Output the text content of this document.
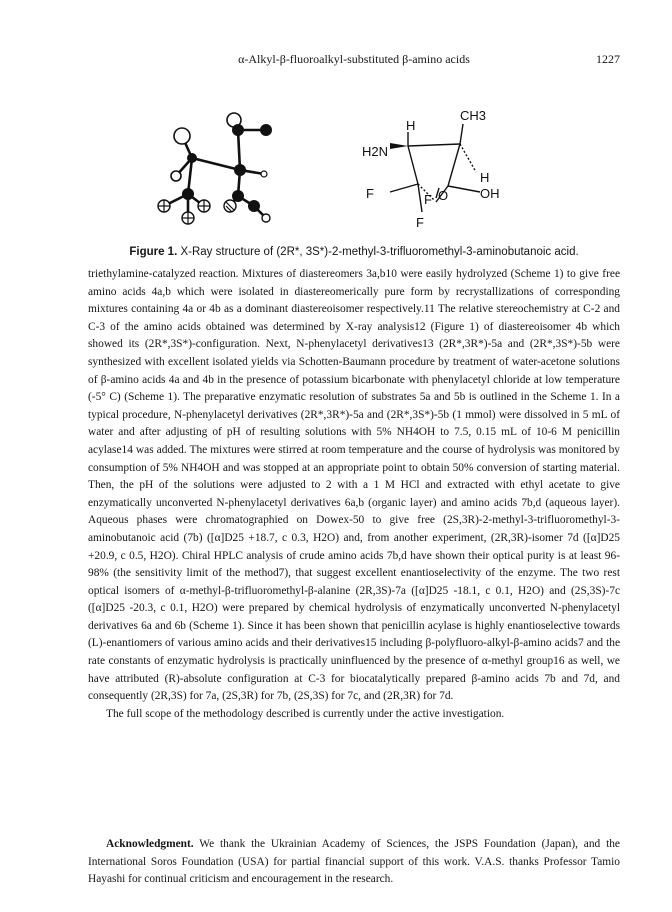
α-Alkyl-β-fluoroalkyl-substituted β-amino acids	1227
H
CH3
H2N
H
F	F
F
O OH
Figure 1. X-Ray structure of (2R*, 3S*)-2-methyl-3-trifluoromethyl-3-aminobutanoic acid.

triethylamine-catalyzed reaction. Mixtures of diastereomers 3a,b10 were easily hydrolyzed (Scheme 1) to give free amino acids 4a,b which were isolated in diastereomerically pure form by recrystallizations of corresponding mixtures containing 4a or 4b as a dominant diastereoisomer respectively.11 The relative stereochemistry at C-2 and C-3 of the amino acids obtained was determined by X-ray analysis12 (Figure 1) of diastereoisomer 4b which showed its (2R*,3S*)-configuration. Next, N-phenylacetyl derivatives13 (2R*,3R*)-5a and (2R*,3S*)-5b were synthesized with excellent isolated yields via Schotten-Baumann procedure by treatment of water-acetone solutions of β-amino acids 4a and 4b in the presence of potassium bicarbonate with phenylacetyl chloride at low temperature (-5° C) (Scheme 1). The preparative enzymatic resolution of substrates 5a and 5b is outlined in the Scheme 1. In a typical procedure, N-phenylacetyl derivatives (2R*,3R*)-5a and (2R*,3S*)-5b (1 mmol) were dissolved in 5 mL of water and after adjusting of pH of resulting solutions with 5% NH4OH to 7.5, 0.15 mL of 10-6 M penicillin acylase14 was added. The mixtures were stirred at room temperature and the course of hydrolysis was monitored by consumption of 5% NH4OH and was stopped at an appropriate point to obtain 50% conversion of starting material. Then, the pH of the solutions were adjusted to 2 with a 1 M HCl and extracted with ethyl acetate to give enzymatically unconverted N-phenylacetyl derivatives 6a,b (organic layer) and amino acids 7b,d (aqueous layer). Aqueous phases were chromatographied on Dowex-50 to give free (2S,3R)-2-methyl-3-trifluoromethyl-3-aminobutanoic acid (7b) ([α]D25 +18.7, c 0.3, H2O) and, from another experiment, (2R,3R)-isomer 7d ([α]D25 +20.9, c 0.5, H2O). Chiral HPLC analysis of crude amino acids 7b,d have shown their optical purity is at least 96-98% (the sensitivity limit of the method7), that suggest excellent enantioselectivity of the enzyme. The two rest optical isomers of α-methyl-β-trifluoromethyl-β-alanine (2R,3S)-7a ([α]D25 -18.1, c 0.1, H2O) and (2S,3S)-7c ([α]D25 -20.3, c 0.1, H2O) were prepared by chemical hydrolysis of enzymatically unconverted N-phenylacetyl derivatives 6a and 6b (Scheme 1). Since it has been shown that penicillin acylase is highly enantioselective towards (L)-enantiomers of various amino acids and their derivatives15 including β-polyfluoro-alkyl-β-amino acids7 and the rate constants of enzymatic hydrolysis is practically uninfluenced by the presence of α-methyl group16 as well, we have attributed (R)-absolute configuration at C-3 for biocatalytically prepared β-amino acids 7b and 7d, and consequently (2R,3S) for 7a, (2S,3R) for 7b, (2S,3S) for 7c, and (2R,3R) for 7d.

The full scope of the methodology described is currently under the active investigation.

Acknowledgment. We thank the Ukrainian Academy of Sciences, the JSPS Foundation (Japan), and the International Soros Foundation (USA) for partial financial support of this work. V.A.S. thanks Professor Tamio Hayashi for continual criticism and encouragement in the research.
